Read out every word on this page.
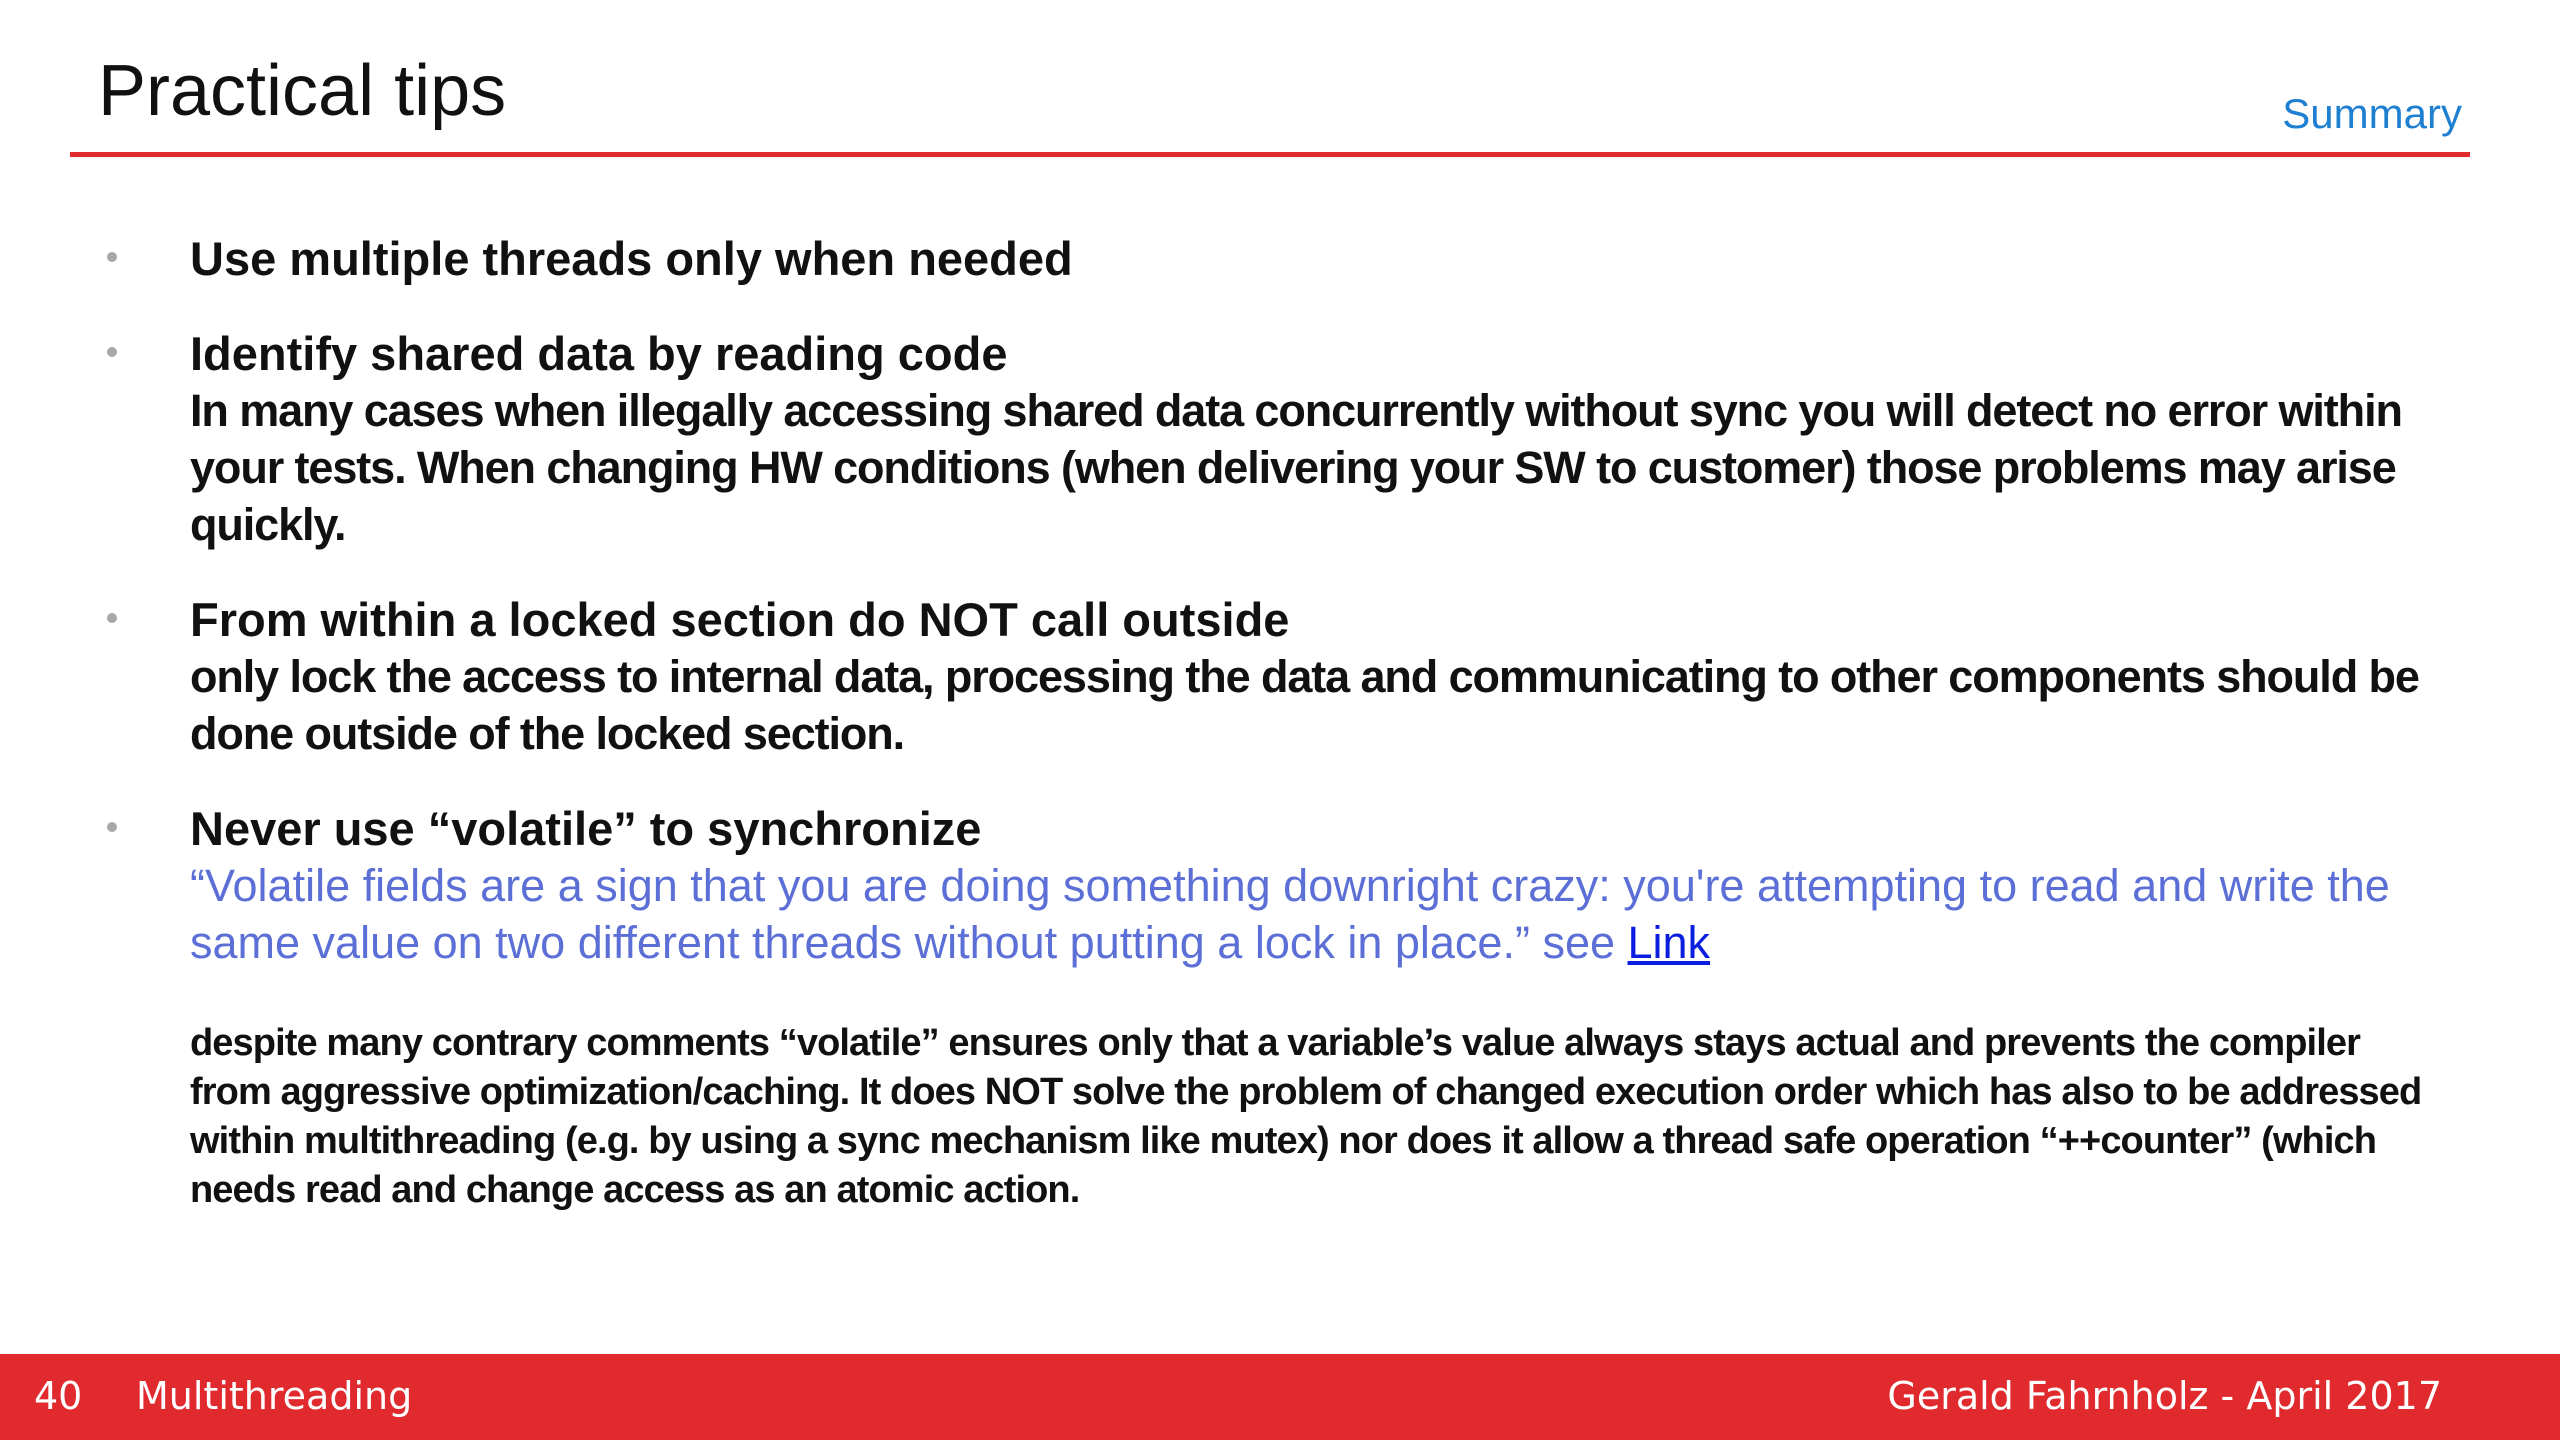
Practical tips	Summary
Use multiple threads only when needed
Identify shared data by reading code
In many cases when illegally accessing shared data concurrently without sync you will detect no error within your tests. When changing HW conditions (when delivering your SW to customer) those problems may arise quickly.
From within a locked section do NOT call outside
only lock the access to internal data, processing the data and communicating to other components should be done outside of the locked section.
Never use “volatile” to synchronize
“Volatile fields are a sign that you are doing something downright crazy: you're attempting to read and write the same value on two different threads without putting a lock in place.” see Link
despite many contrary comments “volatile” ensures only that a variable’s value always stays actual and prevents the compiler from aggressive optimization/caching. It does NOT solve the problem of changed execution order which has also to be addressed within multithreading (e.g. by using a sync mechanism like mutex) nor does it allow a thread safe operation “++counter” (which needs read and change access as an atomic action.
40 Multithreading	Gerald Fahrnholz - April 2017
